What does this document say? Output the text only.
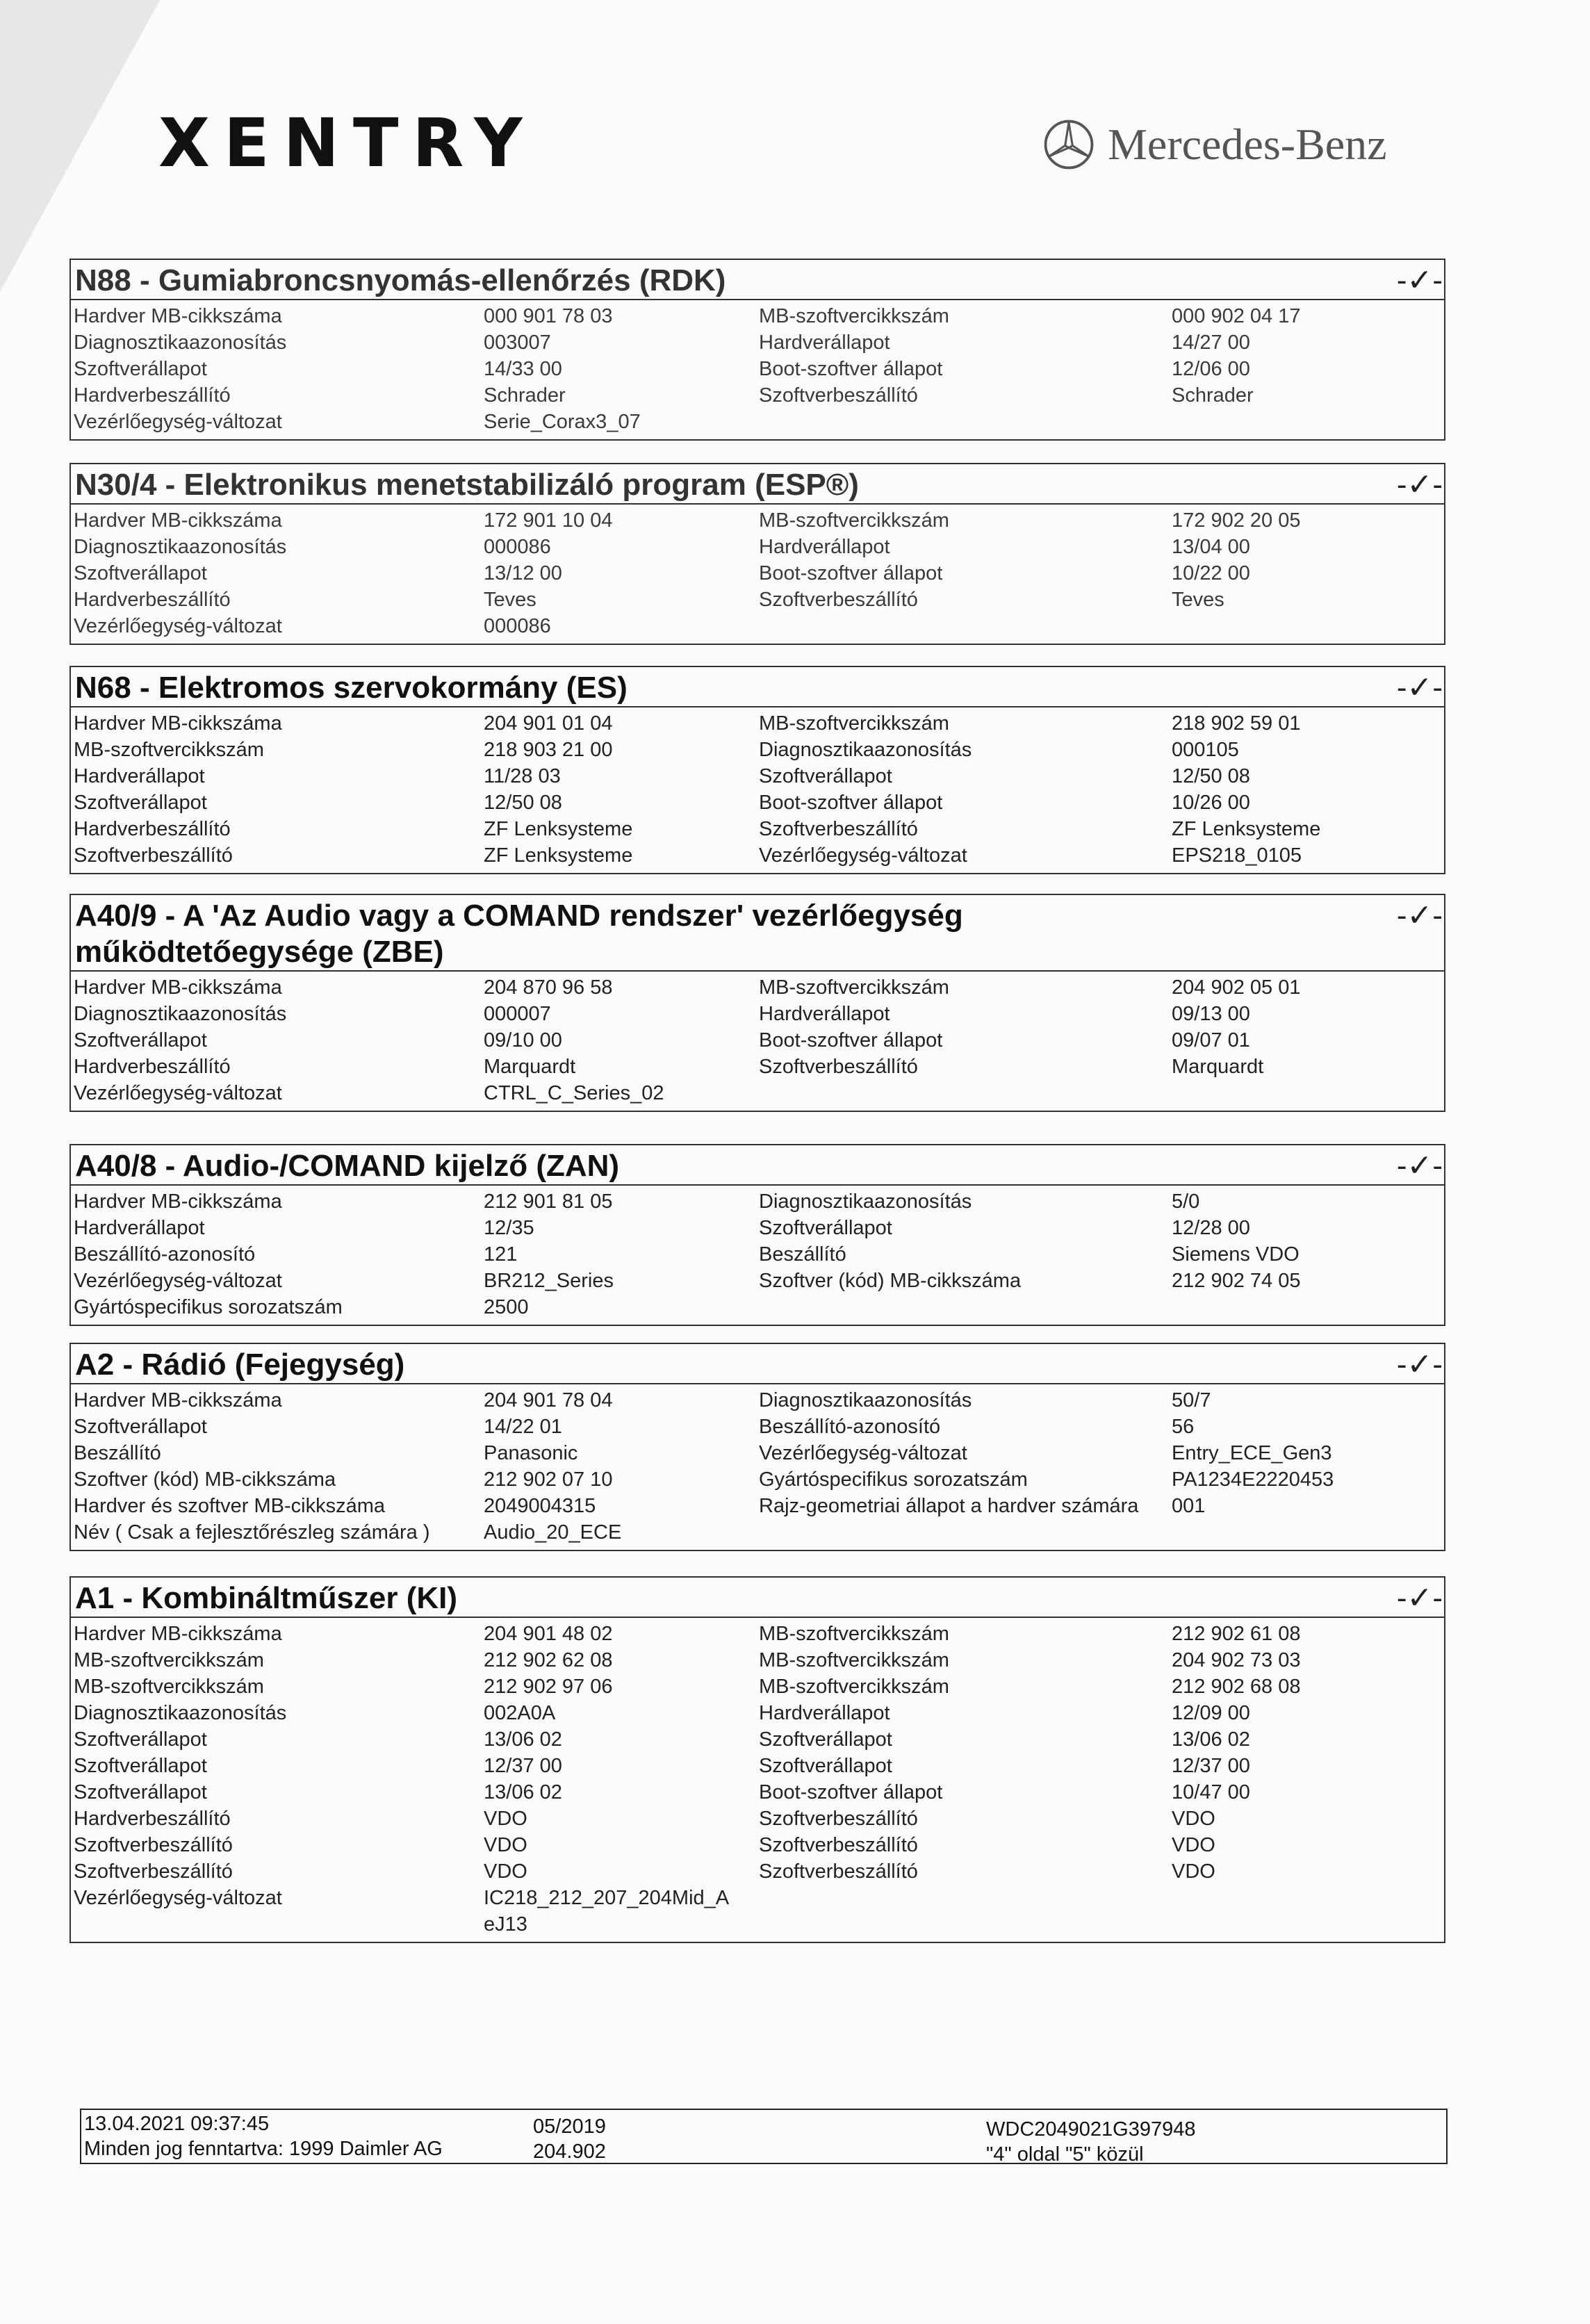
XENTRY	Mercedes-Benz
N88 - Gumiabroncsnyomás-ellenőrzés (RDK)	-✓-
Hardver MB-cikkszáma	000 901 78 03	MB-szoftvercikkszám	000 902 04 17
Diagnosztikaazonosítás	003007	Hardverállapot	14/27 00
Szoftverállapot	14/33 00	Boot-szoftver állapot	12/06 00
Hardverbeszállító	Schrader	Szoftverbeszállító	Schrader
Vezérlőegység-változat	Serie_Corax3_07
N30/4 - Elektronikus menetstabilizáló program (ESP®)	-✓-
Hardver MB-cikkszáma	172 901 10 04	MB-szoftvercikkszám	172 902 20 05
Diagnosztikaazonosítás	000086	Hardverállapot	13/04 00
Szoftverállapot	13/12 00	Boot-szoftver állapot	10/22 00
Hardverbeszállító	Teves	Szoftverbeszállító	Teves
Vezérlőegység-változat	000086
N68 - Elektromos szervokormány (ES)	-✓-
Hardver MB-cikkszáma	204 901 01 04	MB-szoftvercikkszám	218 902 59 01
MB-szoftvercikkszám	218 903 21 00	Diagnosztikaazonosítás	000105
Hardverállapot	11/28 03	Szoftverállapot	12/50 08
Szoftverállapot	12/50 08	Boot-szoftver állapot	10/26 00
Hardverbeszállító	ZF Lenksysteme	Szoftverbeszállító	ZF Lenksysteme
Szoftverbeszállító	ZF Lenksysteme	Vezérlőegység-változat	EPS218_0105
A40/9 - A 'Az Audio vagy a COMAND rendszer' vezérlőegység
működtetőegysége (ZBE)
-✓-
Hardver MB-cikkszáma	204 870 96 58	MB-szoftvercikkszám	204 902 05 01
Diagnosztikaazonosítás	000007	Hardverállapot	09/13 00
Szoftverállapot	09/10 00	Boot-szoftver állapot	09/07 01
Hardverbeszállító	Marquardt	Szoftverbeszállító	Marquardt
Vezérlőegység-változat	CTRL_C_Series_02
A40/8 - Audio-/COMAND kijelző (ZAN)	-✓-
Hardver MB-cikkszáma	212 901 81 05	Diagnosztikaazonosítás	5/0
Hardverállapot	12/35	Szoftverállapot	12/28 00
Beszállító-azonosító	121	Beszállító	Siemens VDO
Vezérlőegység-változat	BR212_Series	Szoftver (kód) MB-cikkszáma	212 902 74 05
Gyártóspecifikus sorozatszám	2500
A2 - Rádió (Fejegység)	-✓-
Hardver MB-cikkszáma	204 901 78 04	Diagnosztikaazonosítás	50/7
Szoftverállapot	14/22 01	Beszállító-azonosító	56
Beszállító	Panasonic	Vezérlőegység-változat	Entry_ECE_Gen3
Szoftver (kód) MB-cikkszáma	212 902 07 10	Gyártóspecifikus sorozatszám	PA1234E2220453
Hardver és szoftver MB-cikkszáma	2049004315	Rajz-geometriai állapot a hardver számára	001
Név ( Csak a fejlesztőrészleg számára )	Audio_20_ECE
A1 - Kombináltműszer (KI)	-✓-
Hardver MB-cikkszáma	204 901 48 02	MB-szoftvercikkszám	212 902 61 08
MB-szoftvercikkszám	212 902 62 08	MB-szoftvercikkszám	204 902 73 03
MB-szoftvercikkszám	212 902 97 06	MB-szoftvercikkszám	212 902 68 08
Diagnosztikaazonosítás	002A0A	Hardverállapot	12/09 00
Szoftverállapot	13/06 02	Szoftverállapot	13/06 02
Szoftverállapot	12/37 00	Szoftverállapot	12/37 00
Szoftverállapot	13/06 02	Boot-szoftver állapot	10/47 00
Hardverbeszállító	VDO	Szoftverbeszállító	VDO
Szoftverbeszállító	VDO	Szoftverbeszállító	VDO
Szoftverbeszállító	VDO	Szoftverbeszállító	VDO
Vezérlőegység-változat	IC218_212_207_204Mid_A
eJ13
13.04.2021 09:37:45
Minden jog fenntartva: 1999 Daimler AG
05/2019
204.902
WDC2049021G397948
"4" oldal "5" közül
